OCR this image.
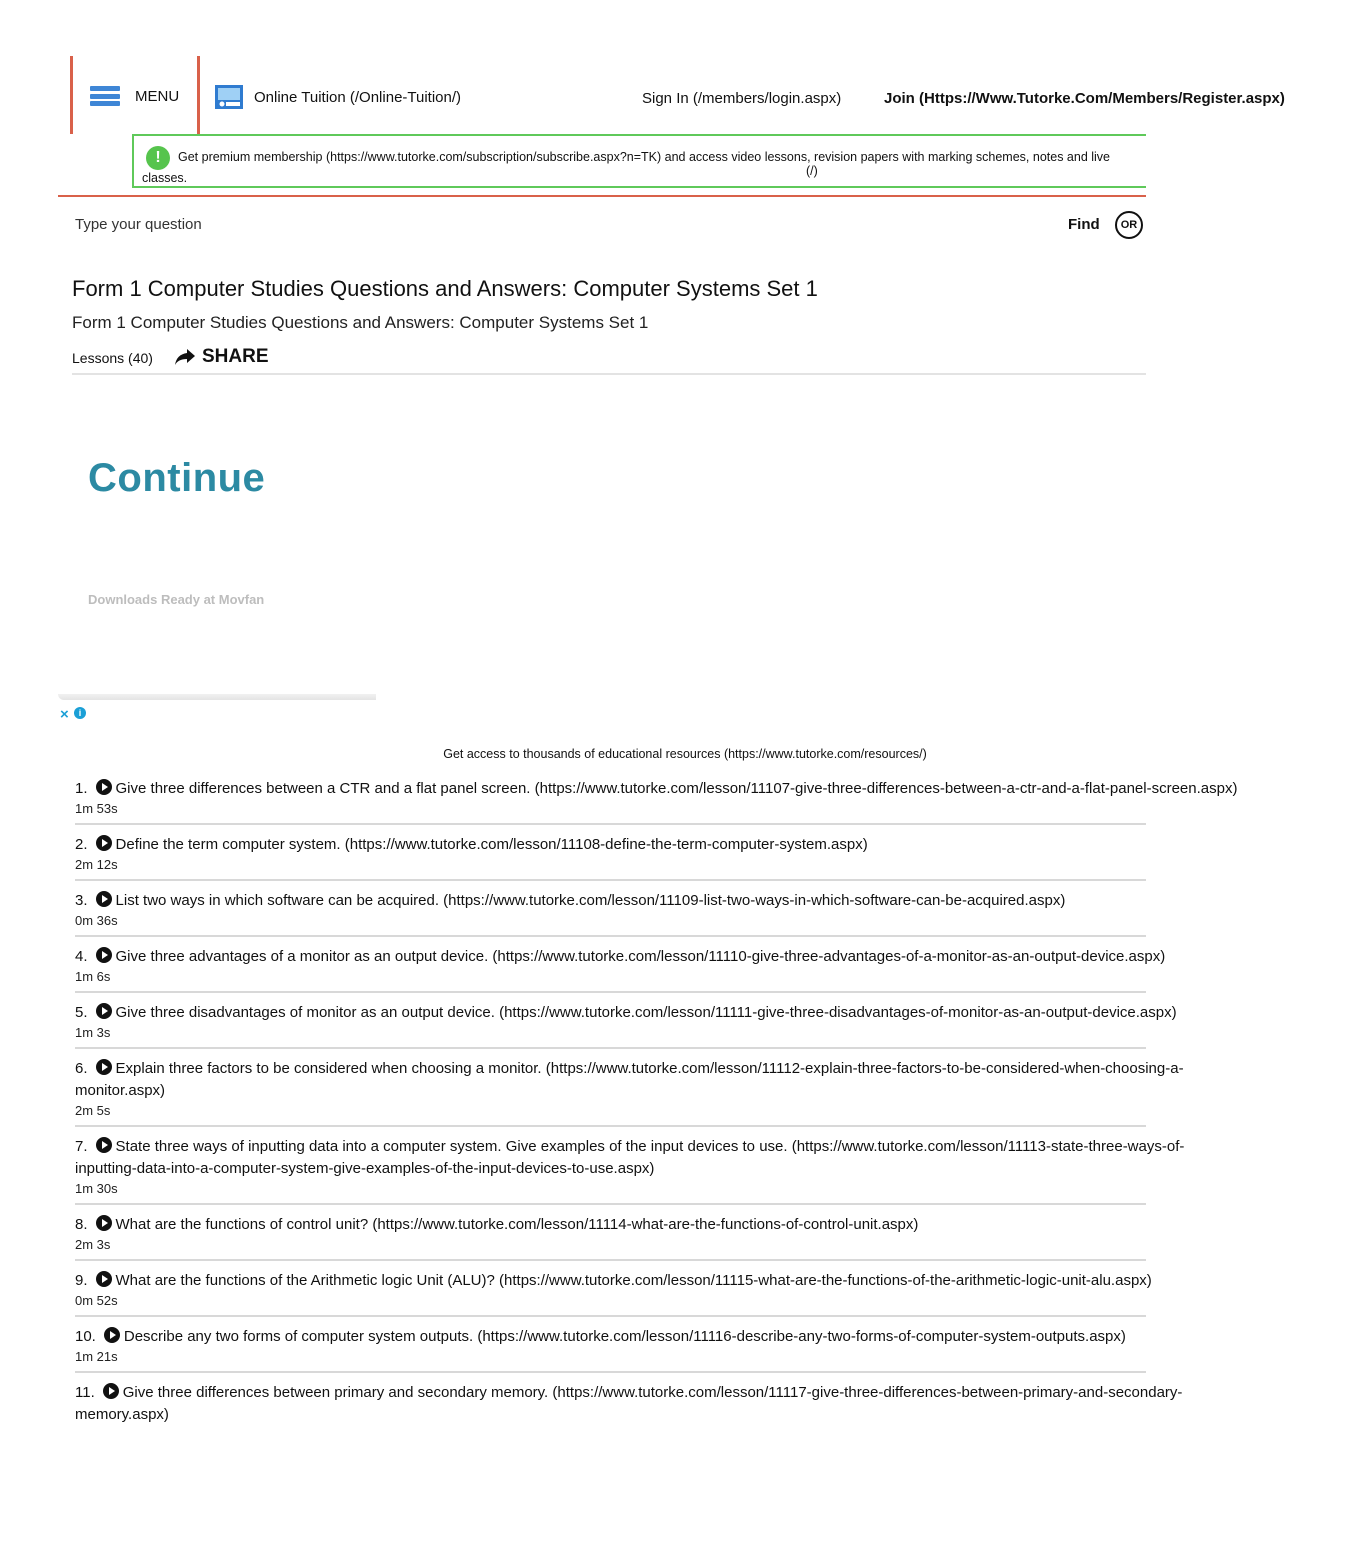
MENU	Online Tuition (/Online-Tuition/)	Sign In (/members/login.aspx)	Join (Https://Www.Tutorke.Com/Members/Register.aspx)
!	Get premium membership (https://www.tutorke.com/subscription/subscribe.aspx?n=TK) and access video lessons, revision papers with marking schemes, notes and live
(/)
classes.
Type your question	Find	OR
Form 1 Computer Studies Questions and Answers: Computer Systems Set 1
Form 1 Computer Studies Questions and Answers: Computer Systems Set 1
Lessons (40)	SHARE
Continue
Downloads Ready at Movfan
×	i
Get access to thousands of educational resources (https://www.tutorke.com/resources/)
1. Give three differences between a CTR and a flat panel screen. (https://www.tutorke.com/lesson/11107-give-three-differences-between-a-ctr-and-a-flat-panel-screen.aspx)
1m 53s
2. Define the term computer system. (https://www.tutorke.com/lesson/11108-define-the-term-computer-system.aspx)
2m 12s
3. List two ways in which software can be acquired. (https://www.tutorke.com/lesson/11109-list-two-ways-in-which-software-can-be-acquired.aspx)
0m 36s
4. Give three advantages of a monitor as an output device. (https://www.tutorke.com/lesson/11110-give-three-advantages-of-a-monitor-as-an-output-device.aspx)
1m 6s
5. Give three disadvantages of monitor as an output device. (https://www.tutorke.com/lesson/11111-give-three-disadvantages-of-monitor-as-an-output-device.aspx)
1m 3s
6. Explain three factors to be considered when choosing a monitor. (https://www.tutorke.com/lesson/11112-explain-three-factors-to-be-considered-when-choosing-a-
monitor.aspx)
2m 5s
7. State three ways of inputting data into a computer system. Give examples of the input devices to use. (https://www.tutorke.com/lesson/11113-state-three-ways-of-
inputting-data-into-a-computer-system-give-examples-of-the-input-devices-to-use.aspx)
1m 30s
8. What are the functions of control unit? (https://www.tutorke.com/lesson/11114-what-are-the-functions-of-control-unit.aspx)
2m 3s
9. What are the functions of the Arithmetic logic Unit (ALU)? (https://www.tutorke.com/lesson/11115-what-are-the-functions-of-the-arithmetic-logic-unit-alu.aspx)
0m 52s
10. Describe any two forms of computer system outputs. (https://www.tutorke.com/lesson/11116-describe-any-two-forms-of-computer-system-outputs.aspx)
1m 21s
11. Give three differences between primary and secondary memory. (https://www.tutorke.com/lesson/11117-give-three-differences-between-primary-and-secondary-
memory.aspx)
